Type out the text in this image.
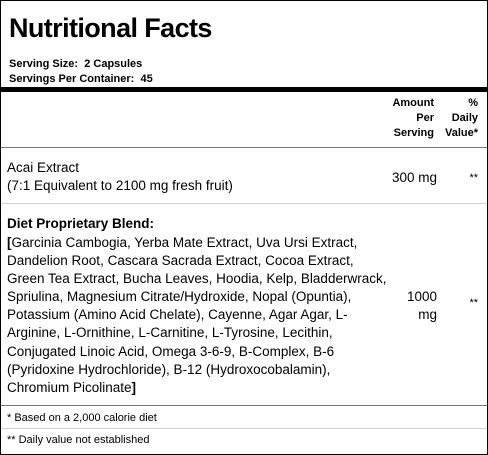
Nutritional Facts
Serving Size: 2 Capsules
Servings Per Container: 45
Amount
Per
Serving
%
Daily
Value*
Acai Extract
(7:1 Equivalent to 2100 mg fresh fruit)
300 mg	**
Diet Proprietary Blend:
[Garcinia Cambogia, Yerba Mate Extract, Uva Ursi Extract, Dandelion Root, Cascara Sacrada Extract, Cocoa Extract, Green Tea Extract, Bucha Leaves, Hoodia, Kelp, Bladderwrack, Spriulina, Magnesium Citrate/Hydroxide, Nopal (Opuntia), Potassium (Amino Acid Chelate), Cayenne, Agar Agar, L-Arginine, L-Ornithine, L-Carnitine, L-Tyrosine, Lecithin, Conjugated Linoic Acid, Omega 3-6-9, B-Complex, B-6 (Pyridoxine Hydrochloride), B-12 (Hydroxocobalamin), Chromium Picolinate]
1000
mg
**
* Based on a 2,000 calorie diet
** Daily value not established
